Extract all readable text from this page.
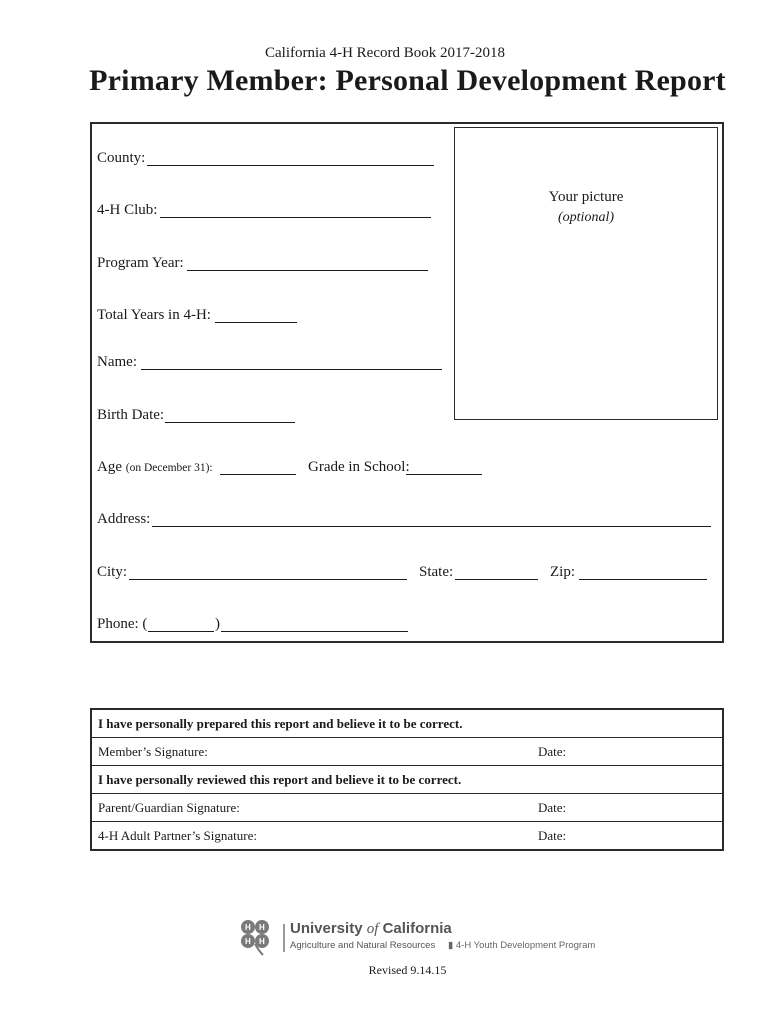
California 4-H Record Book 2017-2018
Primary Member: Personal Development Report
Your picture
(optional)
County:
4-H Club:
Program Year:
Total Years in 4-H:
Name:
Birth Date:
Age (on December 31):	Grade in School:
Address:
City:	State:	Zip:
Phone: (	)
I have personally prepared this report and believe it to be correct.	
Member’s Signature:	Date:
I have personally reviewed this report and believe it to be correct.	
Parent/Guardian Signature:	Date:
4-H Adult Partner’s Signature:	Date:
H H
H H
University of California
Agriculture and Natural Resources ▮ 4-H Youth Development Program
Revised 9.14.15
